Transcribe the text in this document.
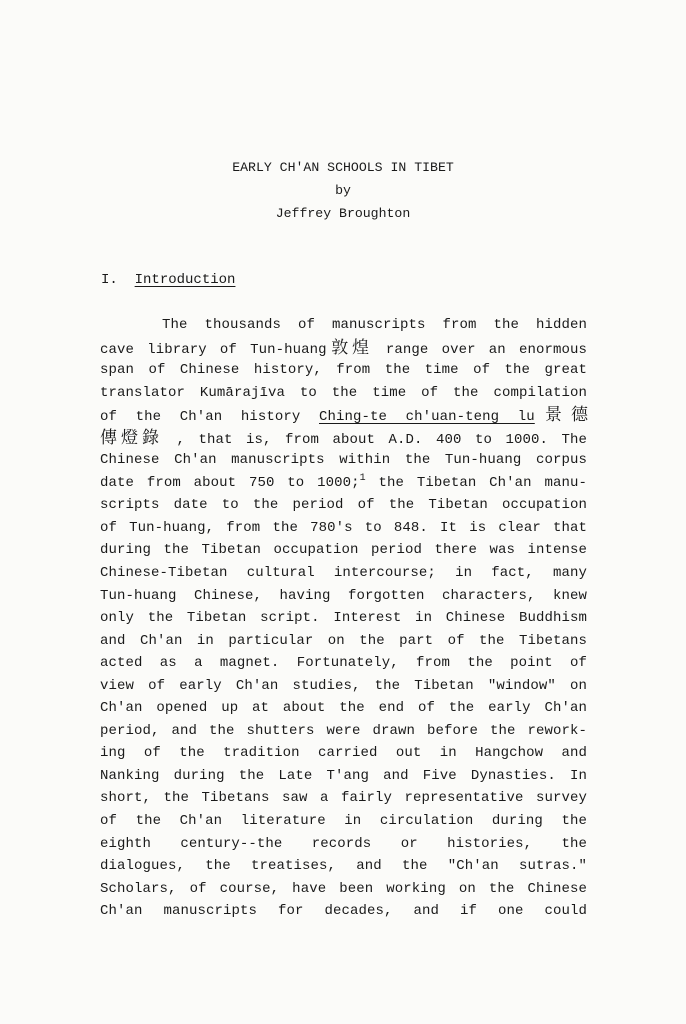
EARLY CH'AN SCHOOLS IN TIBET
by
Jeffrey Broughton
I. Introduction
The thousands of manuscripts from the hidden
cave library of Tun-huang敦煌 range over an enormous
span of Chinese history, from the time of the great
translator Kumārajīva to the time of the compilation
of the Ch'an history Ching-te ch'uan-teng lu景德
傳燈錄 , that is, from about A.D. 400 to 1000. The
Chinese Ch'an manuscripts within the Tun-huang corpus
date from about 750 to 1000;$^1$ the Tibetan Ch'an manu-
scripts date to the period of the Tibetan occupation
of Tun-huang, from the 780's to 848. It is clear that
during the Tibetan occupation period there was intense
Chinese-Tibetan cultural intercourse; in fact, many
Tun-huang Chinese, having forgotten characters, knew
only the Tibetan script. Interest in Chinese Buddhism
and Ch'an in particular on the part of the Tibetans
acted as a magnet. Fortunately, from the point of
view of early Ch'an studies, the Tibetan "window" on
Ch'an opened up at about the end of the early Ch'an
period, and the shutters were drawn before the rework-
ing of the tradition carried out in Hangchow and
Nanking during the Late T'ang and Five Dynasties. In
short, the Tibetans saw a fairly representative survey
of the Ch'an literature in circulation during the
eighth century--the records or histories, the
dialogues, the treatises, and the "Ch'an sutras."
Scholars, of course, have been working on the Chinese
Ch'an manuscripts for decades, and if one could
